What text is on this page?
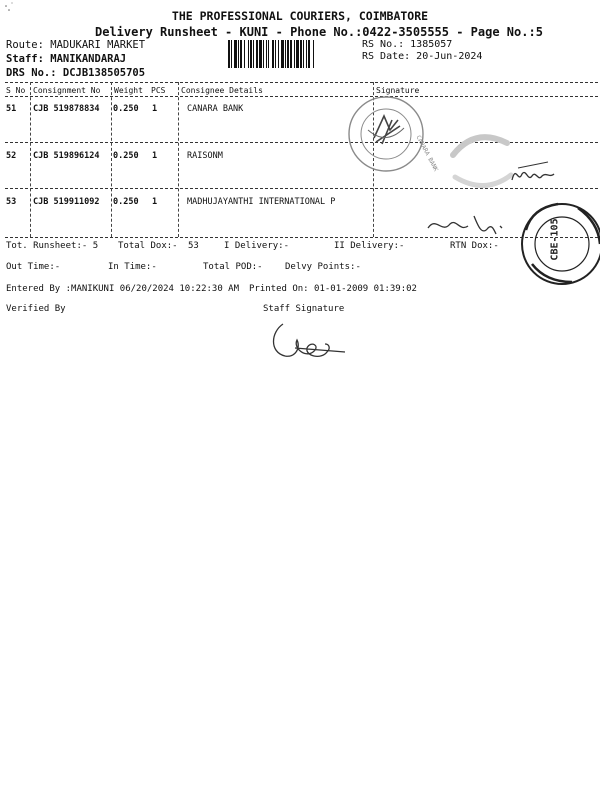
THE PROFESSIONAL COURIERS, COIMBATORE
Delivery Runsheet - KUNI - Phone No.:0422-3505555 - Page No.:5
Route: MADUKARI MARKET
Staff: MANIKANDARAJ
DRS No.: DCJB138505705
RS No.: 1385057
RS Date: 20-Jun-2024
S No Consignment No Weight PCS Consignee Details	Signature
51 CJB 519878834 0.250 1	CANARA BANK
52 CJB 519896124 0.250 1	RAISONM
53 CJB 519911092 0.250 1	MADHUJAYANTHI INTERNATIONAL P
Tot. Runsheet:- 5 Total Dox:- 53	I Delivery:-	II Delivery:-	RTN Dox:-
Out Time:-	In Time:-	Total POD:- Delvy Points:-
Entered By :MANIKUNI 06/20/2024 10:22:30 AM Printed On: 01-01-2009 01:39:02
Verified By	Staff Signature
CANARA BANK
CBE-105
